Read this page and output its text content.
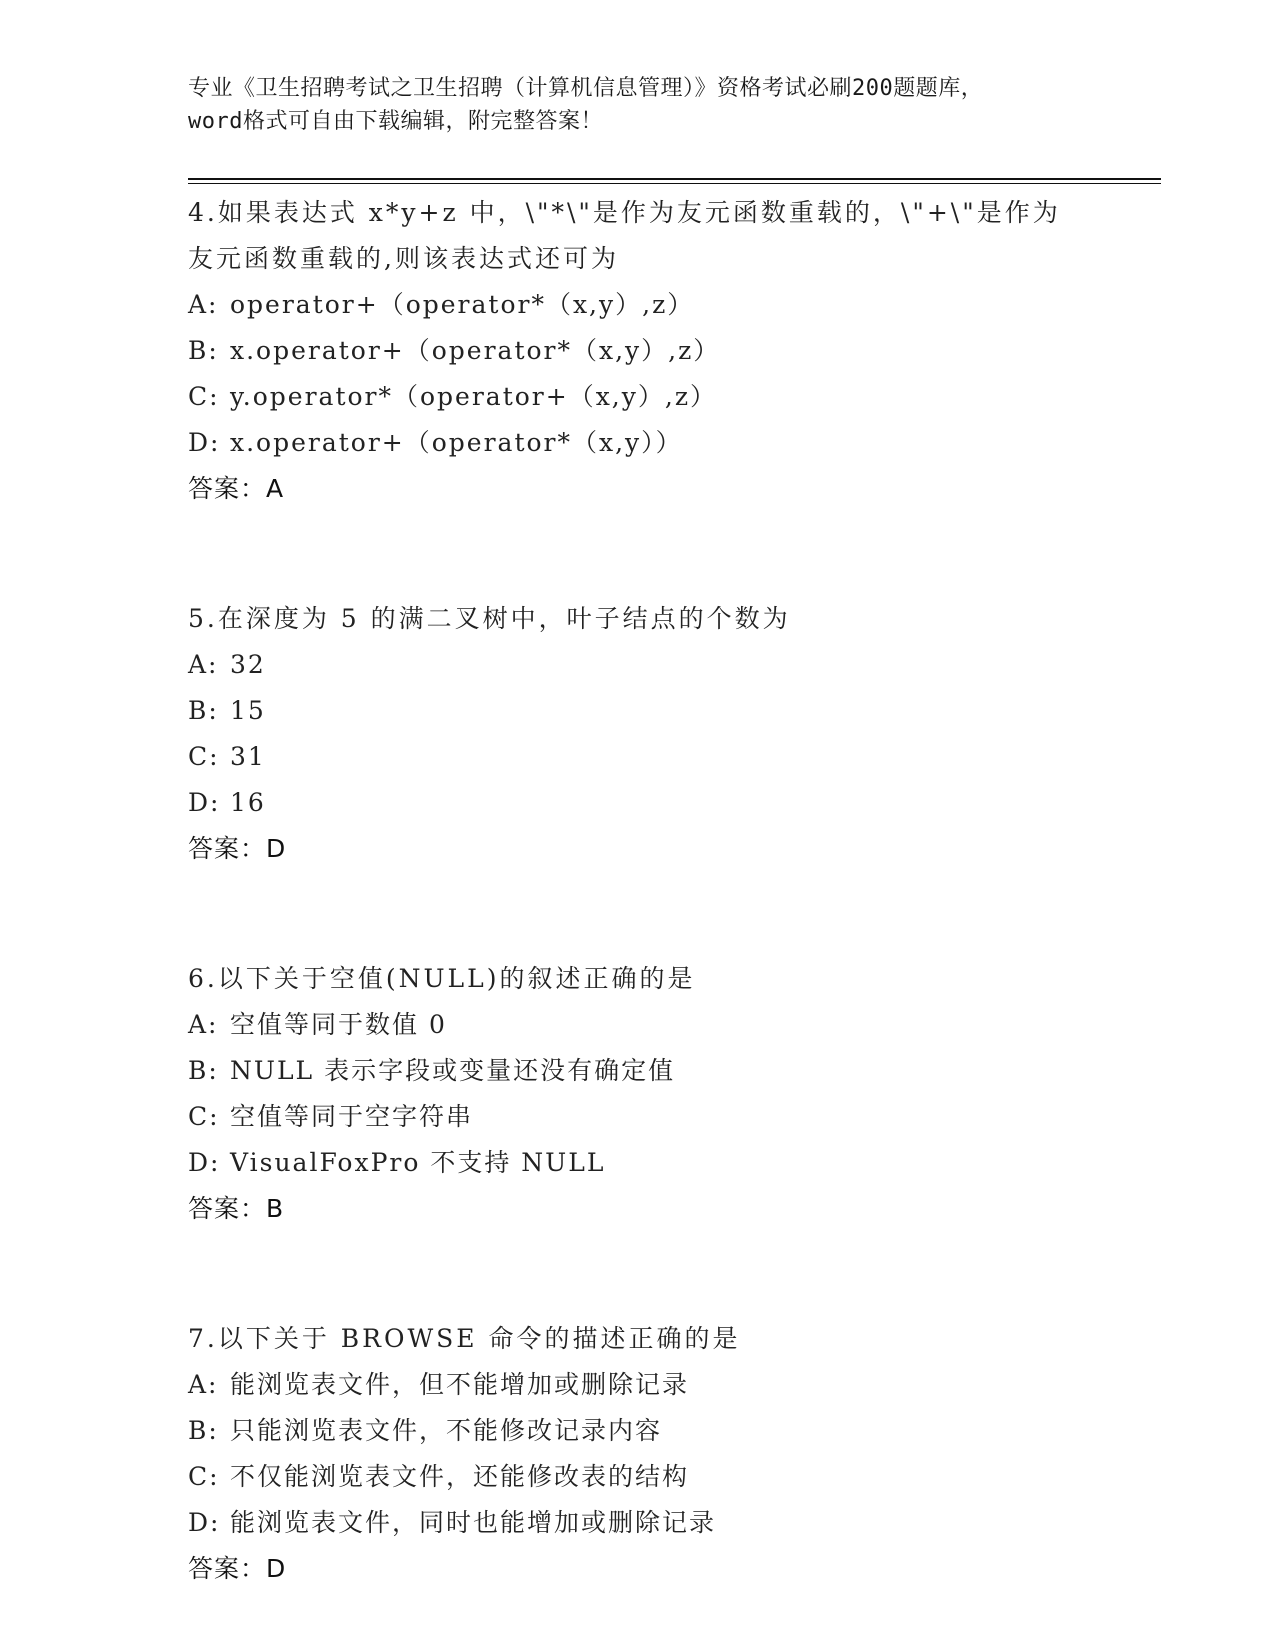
专业《卫生招聘考试之卫生招聘（计算机信息管理）》资格考试必刷200题题库，
word格式可自由下载编辑，附完整答案！
4.如果表达式 x*y+z 中，\"*\"是作为友元函数重载的，\"+\"是作为
友元函数重载的,则该表达式还可为
A: operator+（operator*（x,y）,z）
B: x.operator+（operator*（x,y）,z）
C: y.operator*（operator+（x,y）,z）
D: x.operator+（operator*（x,y））
答案：A
5.在深度为 5 的满二叉树中，叶子结点的个数为
A: 32
B: 15
C: 31
D: 16
答案：D
6.以下关于空值(NULL)的叙述正确的是
A: 空值等同于数值 0
B: NULL 表示字段或变量还没有确定值
C: 空值等同于空字符串
D: VisualFoxPro 不支持 NULL
答案：B
7.以下关于 BROWSE 命令的描述正确的是
A: 能浏览表文件，但不能增加或删除记录
B: 只能浏览表文件，不能修改记录内容
C: 不仅能浏览表文件，还能修改表的结构
D: 能浏览表文件，同时也能增加或删除记录
答案：D
